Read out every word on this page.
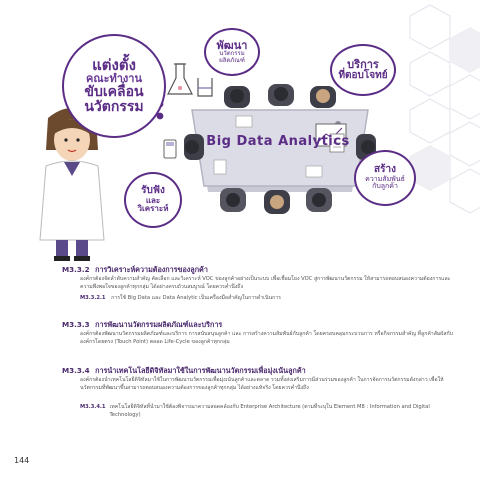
แต่งตั้ง
คณะทำงาน
ขับเคลื่อน
นวัตกรรม
พัฒนา
นวัตกรรม
ผลิตภัณฑ์	บริการ
ที่ตอบโจทย์
สร้าง
ความสัมพันธ์
กับลูกค้า
รับฟัง
และ
วิเคราะห์
Big Data Analytics
M3.3.2 การวิเคราะห์ความต้องการของลูกค้า
องค์กรต้องจัดลำดับความสำคัญ คัดเลือก และวิเคราะห์ VOC ของลูกค้าอย่างเป็นระบบ เพื่อเชื่อมโยง VOC สู่การพัฒนานวัตกรรม ให้สามารถตอบสนองความต้องการและความพึงพอใจของลูกค้าทุกกลุ่ม ได้อย่างครบถ้วนสมบูรณ์ โดยควรคำนึงถึง
M3.3.2.1 การใช้ Big Data และ Data Analytic เป็นเครื่องมือสำคัญในการดำเนินการ
M3.3.3 การพัฒนานวัตกรรมผลิตภัณฑ์และบริการ
องค์กรต้องพัฒนานวัตกรรมผลิตภัณฑ์และบริการ การสนับสนุนลูกค้า และ การสร้างความสัมพันธ์กับลูกค้า โดยครอบคลุมกระบวนการ หรือกิจกรรมสำคัญ ที่ลูกค้าสัมผัสกับองค์กรโดยตรง (Touch Point) ตลอด Life-Cycle ของลูกค้าทุกกลุ่ม
M3.3.4 การนำเทคโนโลยีดิจิทัลมาใช้ในการพัฒนานวัตกรรมเพื่อมุ่งเน้นลูกค้า
องค์กรต้องนำเทคโนโลยีดิจิทัลมาใช้ในการพัฒนานวัตกรรมเพื่อมุ่งเน้นลูกค้าและตลาด รวมทั้งส่งเสริมการมีส่วนร่วมของลูกค้า ในการจัดการนวัตกรรมดังกล่าว เพื่อให้นวัตกรรมที่พัฒนาขึ้นสามารถตอบสนองความต้องการของลูกค้าทุกกลุ่ม ได้อย่างแท้จริง โดยควรคำนึงถึง
M3.3.4.1 เทคโนโลยีดิจิทัลที่นำมาใช้ต้องพิจารณาความสอดคล้องกับ Enterprise Architecture (ตามที่ระบุใน Element M8 : Information and Digital Technology)
144
